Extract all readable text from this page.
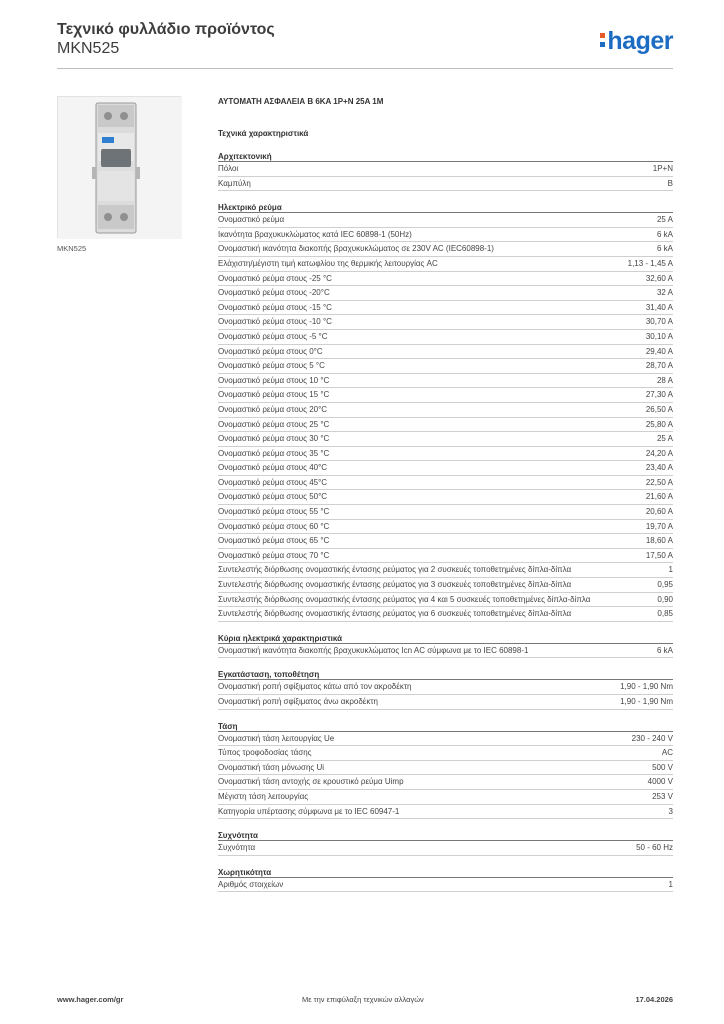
Τεχνικό φυλλάδιο προϊόντος
MKN525	hager
MKN525
ΑΥΤΟΜΑΤΗ ΑΣΦΑΛΕΙΑ B 6KA 1P+N 25A 1M
Τεχνικά χαρακτηριστικά
Αρχιτεκτονική
Πόλοι	1P+N
Καμπύλη	B
Ηλεκτρικό ρεύμα
Ονομαστικό ρεύμα	25 A
Ικανότητα βραχυκυκλώματος κατά IEC 60898-1 (50Hz)	6 kA
Ονομαστική ικανότητα διακοπής βραχυκυκλώματος σε 230V AC (IEC60898-1)	6 kA
Ελάχιστη/μέγιστη τιμή κατωφλίου της θερμικής λειτουργίας AC	1,13 - 1,45 A
Ονομαστικό ρεύμα στους -25 °C	32,60 A
Ονομαστικό ρεύμα στους -20°C	32 A
Ονομαστικό ρεύμα στους -15 °C	31,40 A
Ονομαστικό ρεύμα στους -10 °C	30,70 A
Ονομαστικό ρεύμα στους -5 °C	30,10 A
Ονομαστικό ρεύμα στους 0°C	29,40 A
Ονομαστικό ρεύμα στους 5 °C	28,70 A
Ονομαστικό ρεύμα στους 10 °C	28 A
Ονομαστικό ρεύμα στους 15 °C	27,30 A
Ονομαστικό ρεύμα στους 20°C	26,50 A
Ονομαστικό ρεύμα στους 25 °C	25,80 A
Ονομαστικό ρεύμα στους 30 °C	25 A
Ονομαστικό ρεύμα στους 35 °C	24,20 A
Ονομαστικό ρεύμα στους 40°C	23,40 A
Ονομαστικό ρεύμα στους 45°C	22,50 A
Ονομαστικό ρεύμα στους 50°C	21,60 A
Ονομαστικό ρεύμα στους 55 °C	20,60 A
Ονομαστικό ρεύμα στους 60 °C	19,70 A
Ονομαστικό ρεύμα στους 65 °C	18,60 A
Ονομαστικό ρεύμα στους 70 °C	17,50 A
Συντελεστής διόρθωσης ονομαστικής έντασης ρεύματος για 2 συσκευές τοποθετημένες δίπλα-δίπλα	1
Συντελεστής διόρθωσης ονομαστικής έντασης ρεύματος για 3 συσκευές τοποθετημένες δίπλα-δίπλα	0,95
Συντελεστής διόρθωσης ονομαστικής έντασης ρεύματος για 4 και 5 συσκευές τοποθετημένες δίπλα-δίπλα	0,90
Συντελεστής διόρθωσης ονομαστικής έντασης ρεύματος για 6 συσκευές τοποθετημένες δίπλα-δίπλα	0,85
Κύρια ηλεκτρικά χαρακτηριστικά
Ονομαστική ικανότητα διακοπής βραχυκυκλώματος Icn AC σύμφωνα με το IEC 60898-1	6 kA
Εγκατάσταση, τοποθέτηση
Ονομαστική ροπή σφίξιματος κάτω από τον ακροδέκτη	1,90 - 1,90 Nm
Ονομαστική ροπή σφίξιματος άνω ακροδέκτη	1,90 - 1,90 Nm
Τάση
Ονομαστική τάση λειτουργίας Ue	230 - 240 V
Τύπος τροφοδοσίας τάσης	AC
Ονομαστική τάση μόνωσης Ui	500 V
Ονομαστική τάση αντοχής σε κρουστικό ρεύμα Uimp	4000 V
Μέγιστη τάση λειτουργίας	253 V
Κατηγορία υπέρτασης σύμφωνα με το IEC 60947-1	3
Συχνότητα
Συχνότητα	50 - 60 Hz
Χωρητικότητα
Αριθμός στοιχείων	1
www.hager.com/gr	Με την επιφύλαξη τεχνικών αλλαγών	17.04.2026
